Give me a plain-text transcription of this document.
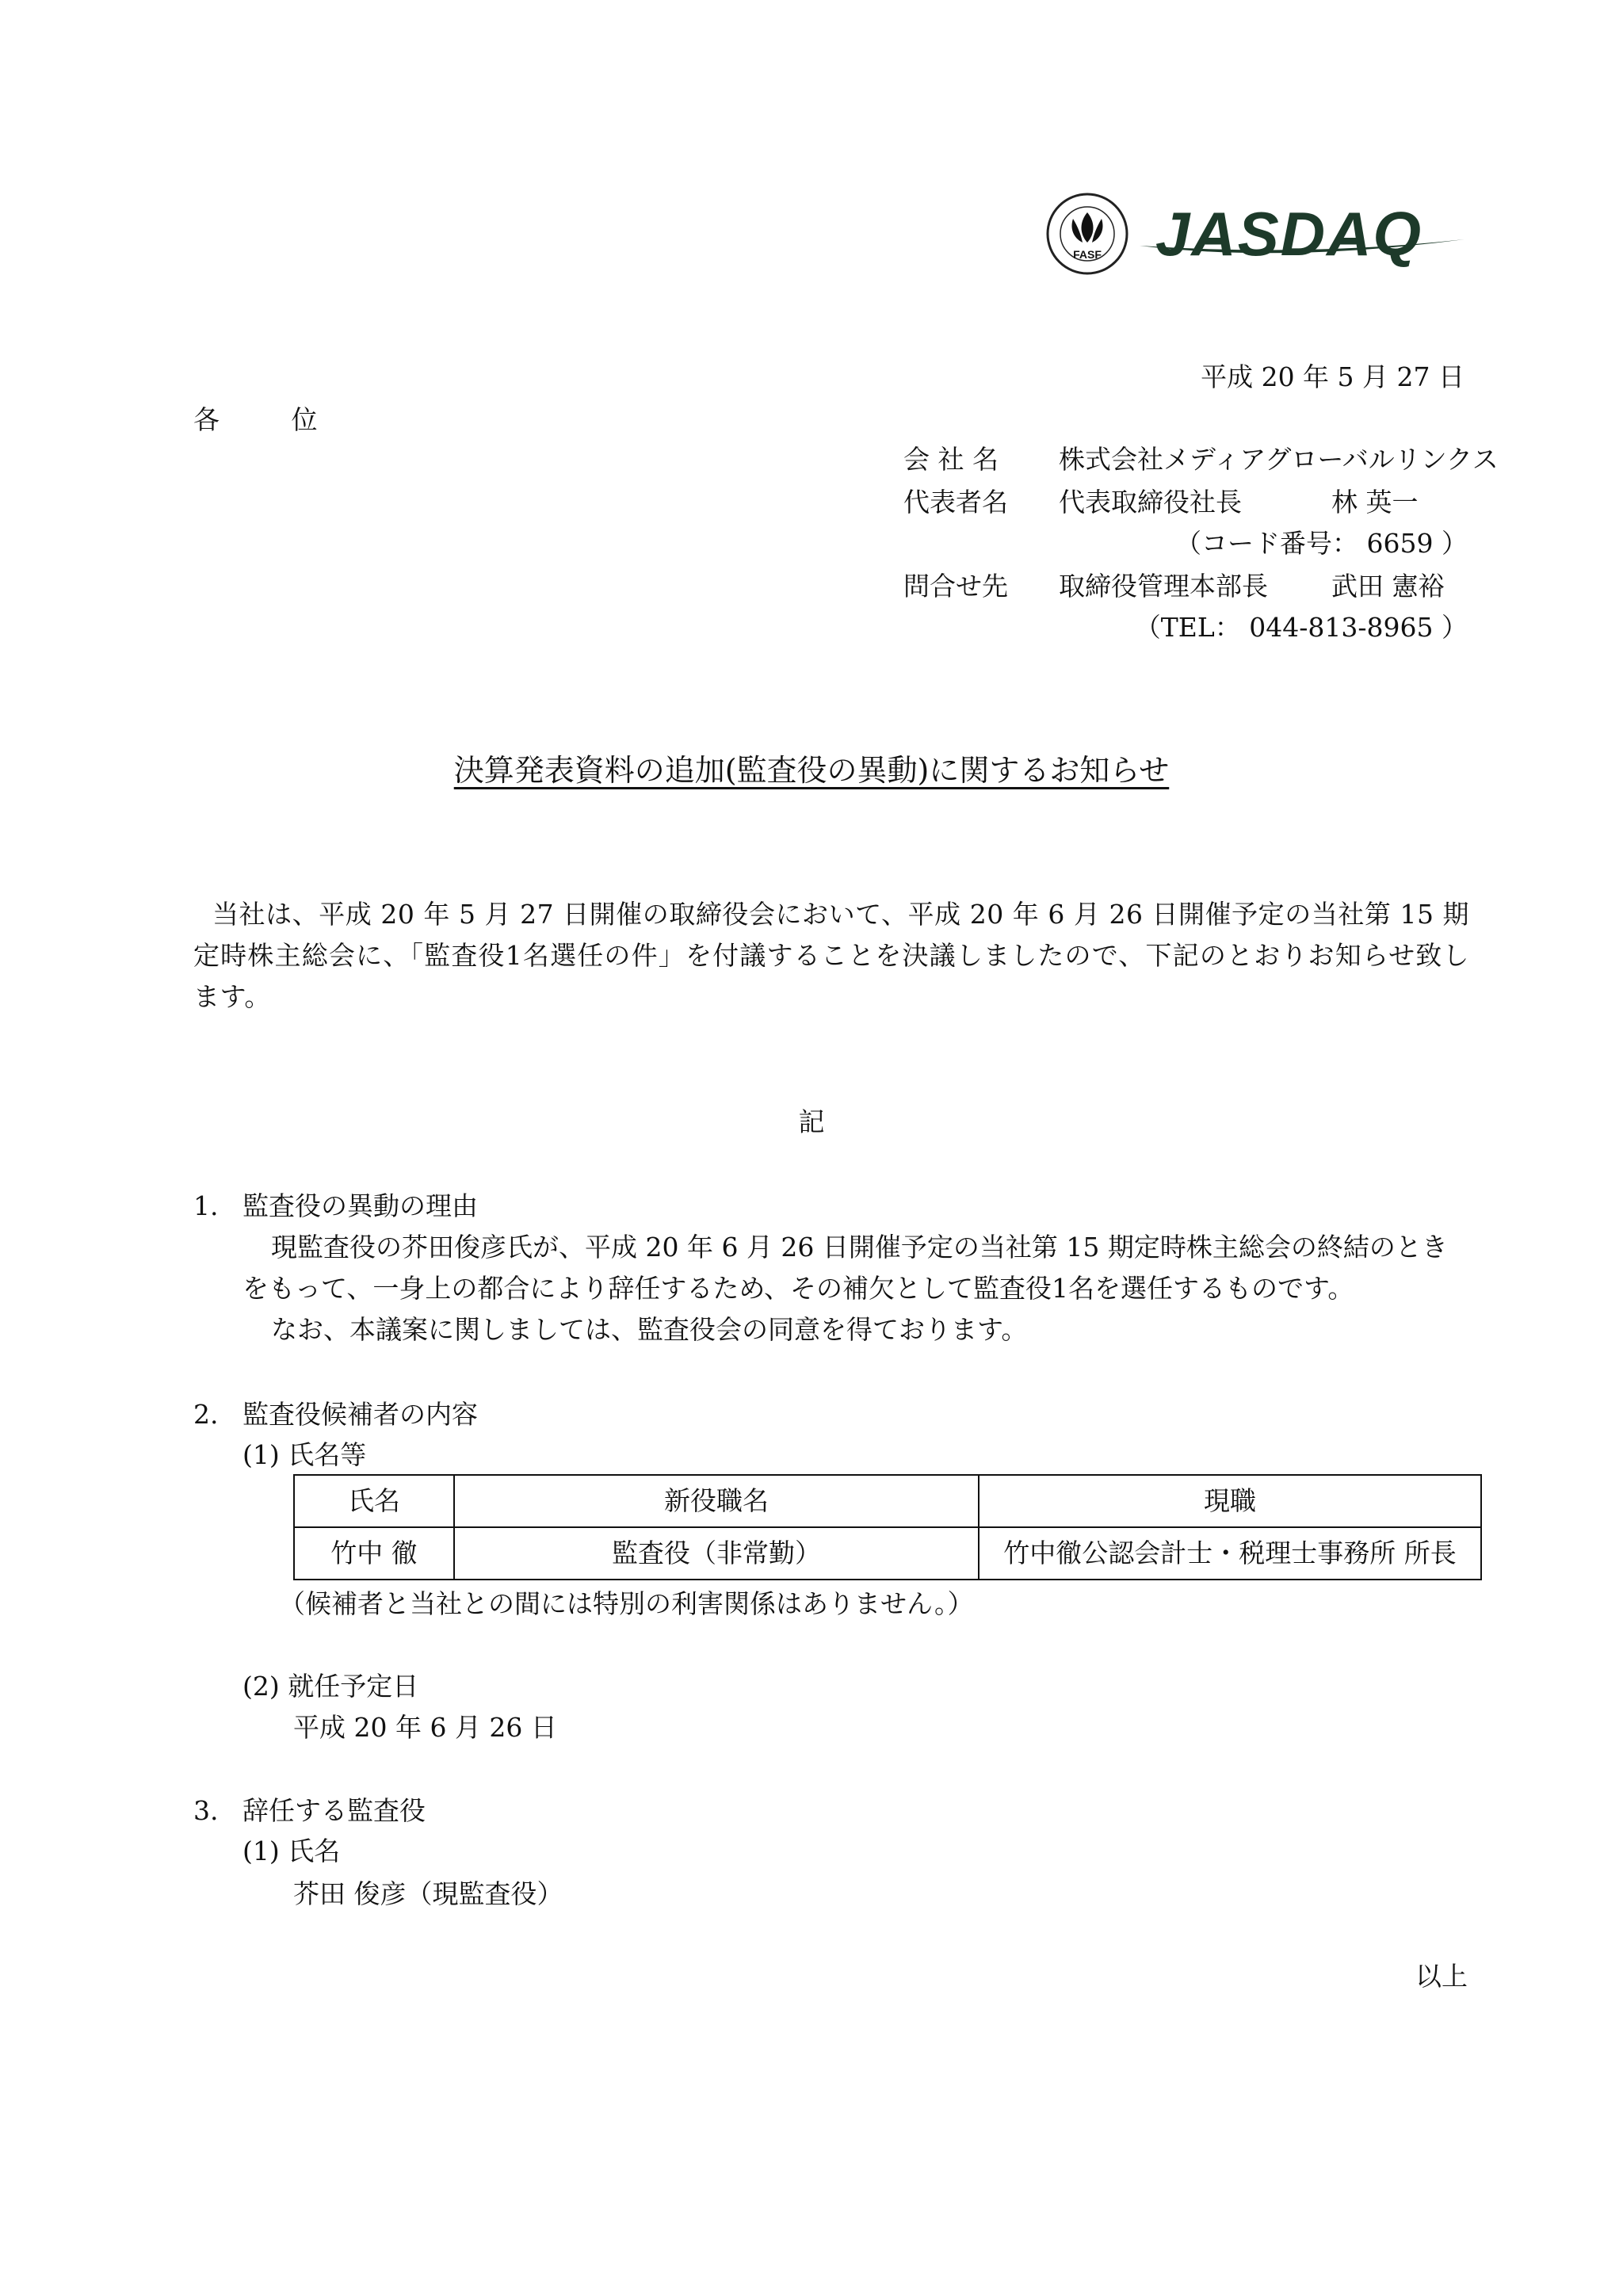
FASF JASDAQ
平成 20 年 5 月 27 日
各 位
会 社 名 株式会社メディアグローバルリンクス
代表者名 代表取締役社長	林 英一
（コード番号： 6659 ）
問合せ先 取締役管理本部長 武田 憲裕
（TEL： 044-813-8965 ）
決算発表資料の追加(監査役の異動)に関するお知らせ
当社は、平成 20 年 5 月 27 日開催の取締役会において、平成 20 年 6 月 26 日開催予定の当社第 15 期定時株主総会に、「監査役1名選任の件」を付議することを決議しましたので、下記のとおりお知らせ致します。
記
1. 監査役の異動の理由
現監査役の芥田俊彦氏が、平成 20 年 6 月 26 日開催予定の当社第 15 期定時株主総会の終結のときをもって、一身上の都合により辞任するため、その補欠として監査役1名を選任するものです。
なお、本議案に関しましては、監査役会の同意を得ております。
2. 監査役候補者の内容
(1) 氏名等
氏名	新役職名	現職
竹中 徹	監査役（非常勤）	竹中徹公認会計士・税理士事務所 所長
（候補者と当社との間には特別の利害関係はありません。）
(2) 就任予定日
平成 20 年 6 月 26 日
3. 辞任する監査役
(1) 氏名
芥田 俊彦（現監査役）
以上
